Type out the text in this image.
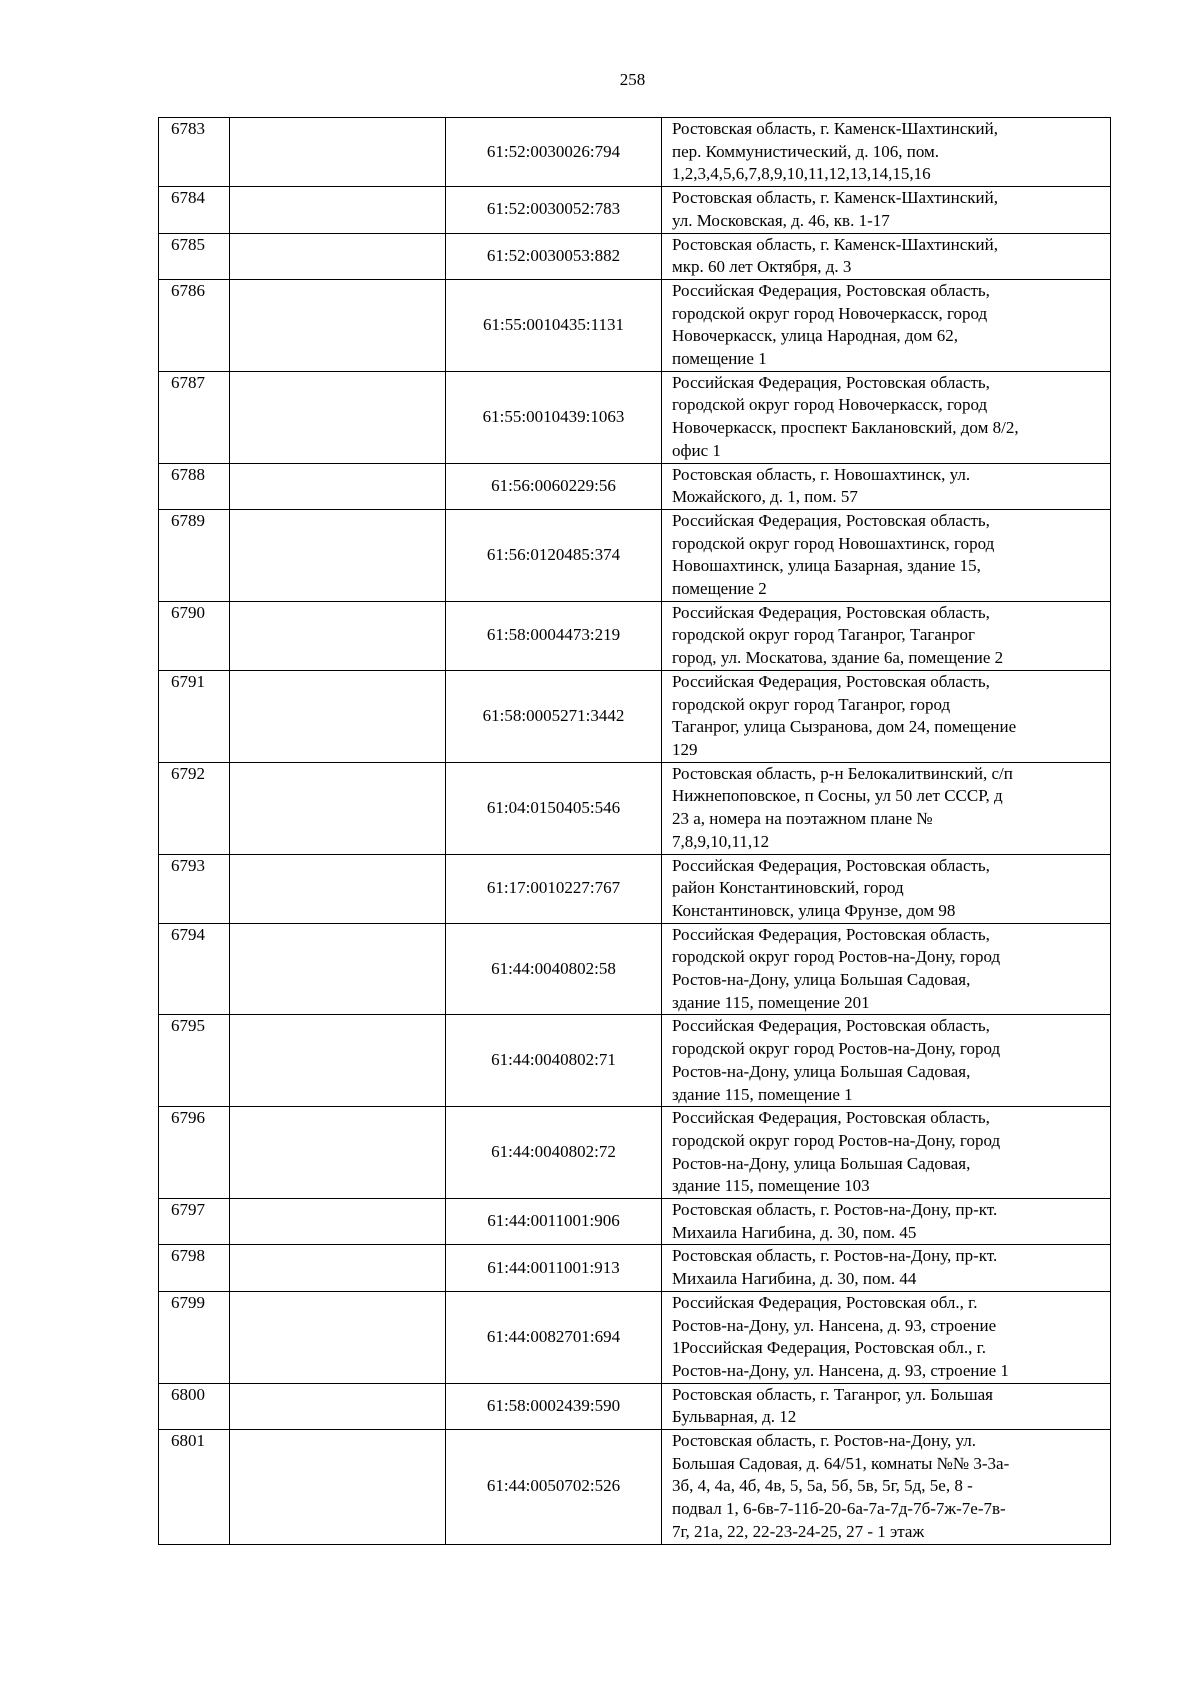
258
6783		61:52:0030026:794	Ростовская область, г. Каменск-Шахтинский,
пер. Коммунистический, д. 106, пом.
1,2,3,4,5,6,7,8,9,10,11,12,13,14,15,16

6784		61:52:0030052:783	Ростовская область, г. Каменск-Шахтинский,
ул. Московская, д. 46, кв. 1-17

6785		61:52:0030053:882	Ростовская область, г. Каменск-Шахтинский,
мкр. 60 лет Октября, д. 3

6786		61:55:0010435:1131	Российская Федерация, Ростовская область,
городской округ город Новочеркасск, город
Новочеркасск, улица Народная, дом 62,
помещение 1

6787		61:55:0010439:1063	Российская Федерация, Ростовская область,
городской округ город Новочеркасск, город
Новочеркасск, проспект Баклановский, дом 8/2,
офис 1

6788		61:56:0060229:56	Ростовская область, г. Новошахтинск, ул.
Можайского, д. 1, пом. 57

6789		61:56:0120485:374	Российская Федерация, Ростовская область,
городской округ город Новошахтинск, город
Новошахтинск, улица Базарная, здание 15,
помещение 2

6790		61:58:0004473:219	Российская Федерация, Ростовская область,
городской округ город Таганрог, Таганрог
город, ул. Москатова, здание 6а, помещение 2

6791		61:58:0005271:3442	Российская Федерация, Ростовская область,
городской округ город Таганрог, город
Таганрог, улица Сызранова, дом 24, помещение
129

6792		61:04:0150405:546	Ростовская область, р-н Белокалитвинский, с/п
Нижнепоповское, п Сосны, ул 50 лет СССР, д
23 а, номера на поэтажном плане №
7,8,9,10,11,12

6793		61:17:0010227:767	Российская Федерация, Ростовская область,
район Константиновский, город
Константиновск, улица Фрунзе, дом 98

6794		61:44:0040802:58	Российская Федерация, Ростовская область,
городской округ город Ростов-на-Дону, город
Ростов-на-Дону, улица Большая Садовая,
здание 115, помещение 201

6795		61:44:0040802:71	Российская Федерация, Ростовская область,
городской округ город Ростов-на-Дону, город
Ростов-на-Дону, улица Большая Садовая,
здание 115, помещение 1

6796		61:44:0040802:72	Российская Федерация, Ростовская область,
городской округ город Ростов-на-Дону, город
Ростов-на-Дону, улица Большая Садовая,
здание 115, помещение 103

6797		61:44:0011001:906	Ростовская область, г. Ростов-на-Дону, пр-кт.
Михаила Нагибина, д. 30, пом. 45

6798		61:44:0011001:913	Ростовская область, г. Ростов-на-Дону, пр-кт.
Михаила Нагибина, д. 30, пом. 44

6799		61:44:0082701:694	Российская Федерация, Ростовская обл., г.
Ростов-на-Дону, ул. Нансена, д. 93, строение
1Российская Федерация, Ростовская обл., г.
Ростов-на-Дону, ул. Нансена, д. 93, строение 1

6800		61:58:0002439:590	Ростовская область, г. Таганрог, ул. Большая
Бульварная, д. 12

6801		61:44:0050702:526	Ростовская область, г. Ростов-на-Дону, ул.
Большая Садовая, д. 64/51, комнаты №№ 3-3а-
3б, 4, 4а, 4б, 4в, 5, 5а, 5б, 5в, 5г, 5д, 5е, 8 -
подвал 1, 6-6в-7-11б-20-6а-7а-7д-7б-7ж-7е-7в-
7г, 21а, 22, 22-23-24-25, 27 - 1 этаж
